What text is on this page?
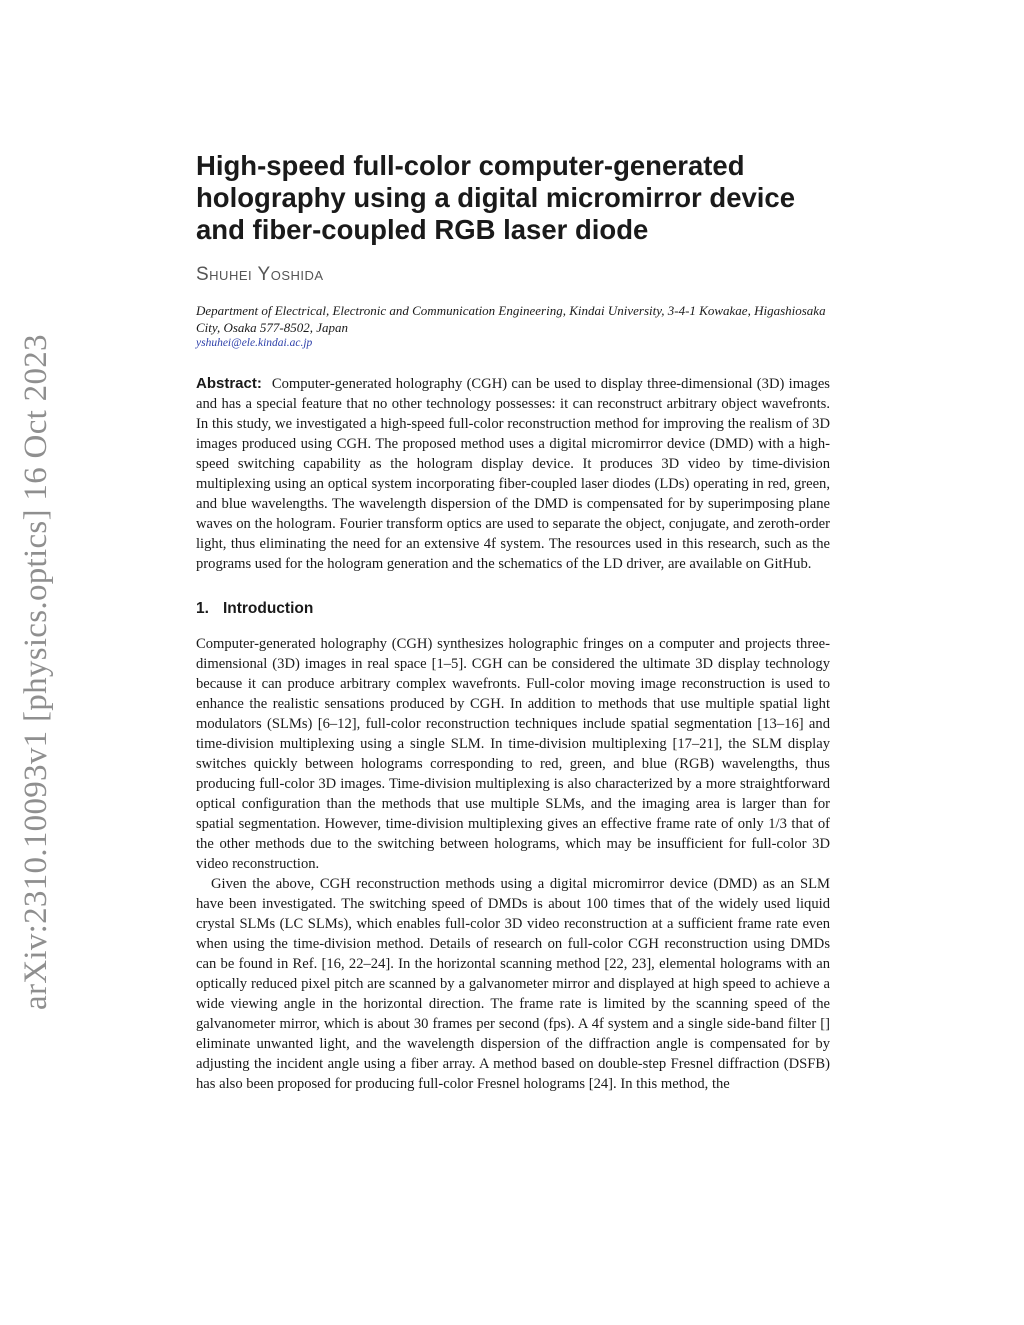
arXiv:2310.10093v1 [physics.optics] 16 Oct 2023
High-speed full-color computer-generated holography using a digital micromirror device and fiber-coupled RGB laser diode
Shuhei Yoshida
Department of Electrical, Electronic and Communication Engineering, Kindai University, 3-4-1 Kowakae, Higashiosaka City, Osaka 577-8502, Japan
yshuhei@ele.kindai.ac.jp
Abstract: Computer-generated holography (CGH) can be used to display three-dimensional (3D) images and has a special feature that no other technology possesses: it can reconstruct arbitrary object wavefronts. In this study, we investigated a high-speed full-color reconstruction method for improving the realism of 3D images produced using CGH. The proposed method uses a digital micromirror device (DMD) with a high-speed switching capability as the hologram display device. It produces 3D video by time-division multiplexing using an optical system incorporating fiber-coupled laser diodes (LDs) operating in red, green, and blue wavelengths. The wavelength dispersion of the DMD is compensated for by superimposing plane waves on the hologram. Fourier transform optics are used to separate the object, conjugate, and zeroth-order light, thus eliminating the need for an extensive 4f system. The resources used in this research, such as the programs used for the hologram generation and the schematics of the LD driver, are available on GitHub.
1. Introduction

Computer-generated holography (CGH) synthesizes holographic fringes on a computer and projects three-dimensional (3D) images in real space [1–5]. CGH can be considered the ultimate 3D display technology because it can produce arbitrary complex wavefronts. Full-color moving image reconstruction is used to enhance the realistic sensations produced by CGH. In addition to methods that use multiple spatial light modulators (SLMs) [6–12], full-color reconstruction techniques include spatial segmentation [13–16] and time-division multiplexing using a single SLM. In time-division multiplexing [17–21], the SLM display switches quickly between holograms corresponding to red, green, and blue (RGB) wavelengths, thus producing full-color 3D images. Time-division multiplexing is also characterized by a more straightforward optical configuration than the methods that use multiple SLMs, and the imaging area is larger than for spatial segmentation. However, time-division multiplexing gives an effective frame rate of only 1/3 that of the other methods due to the switching between holograms, which may be insufficient for full-color 3D video reconstruction.

Given the above, CGH reconstruction methods using a digital micromirror device (DMD) as an SLM have been investigated. The switching speed of DMDs is about 100 times that of the widely used liquid crystal SLMs (LC SLMs), which enables full-color 3D video reconstruction at a sufficient frame rate even when using the time-division method. Details of research on full-color CGH reconstruction using DMDs can be found in Ref. [16, 22–24]. In the horizontal scanning method [22, 23], elemental holograms with an optically reduced pixel pitch are scanned by a galvanometer mirror and displayed at high speed to achieve a wide viewing angle in the horizontal direction. The frame rate is limited by the scanning speed of the galvanometer mirror, which is about 30 frames per second (fps). A 4f system and a single side-band filter [] eliminate unwanted light, and the wavelength dispersion of the diffraction angle is compensated for by adjusting the incident angle using a fiber array. A method based on double-step Fresnel diffraction (DSFB) has also been proposed for producing full-color Fresnel holograms [24]. In this method, the
